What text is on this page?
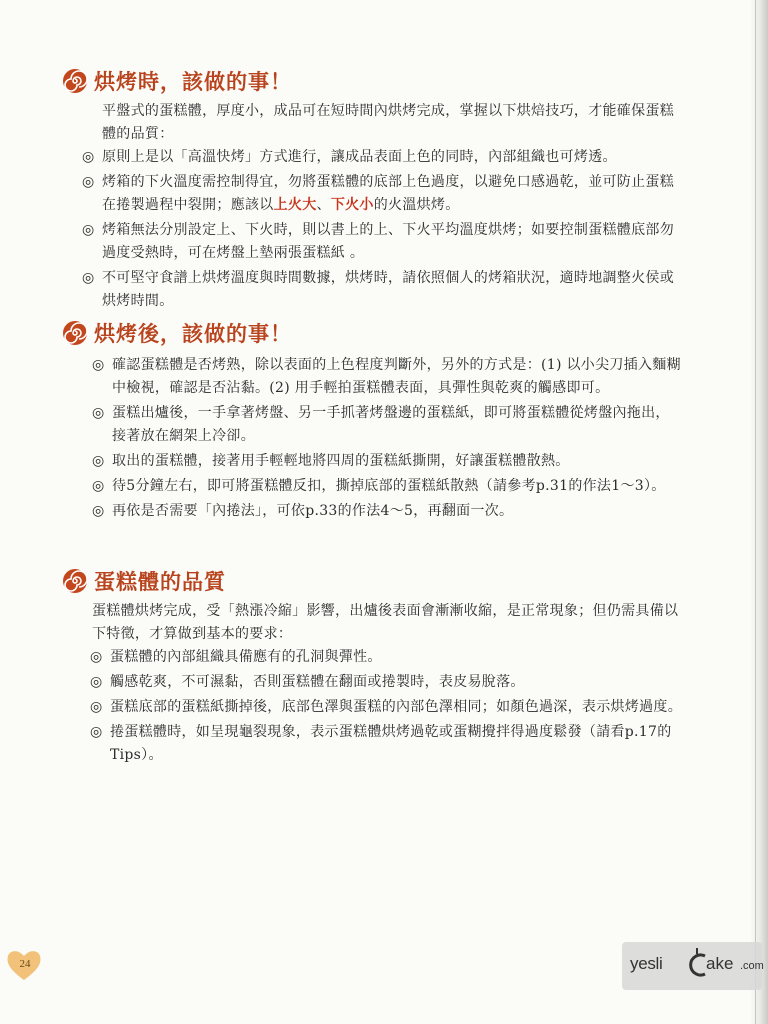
烘烤時，該做的事！
平盤式的蛋糕體，厚度小，成品可在短時間內烘烤完成，掌握以下烘焙技巧，才能確保蛋糕體的品質：
◎ 原則上是以「高溫快烤」方式進行，讓成品表面上色的同時，內部組織也可烤透。
◎ 烤箱的下火溫度需控制得宜，勿將蛋糕體的底部上色過度，以避免口感過乾，並可防止蛋糕在捲製過程中裂開；應該以上火大、下火小的火溫烘烤。
◎ 烤箱無法分別設定上、下火時，則以書上的上、下火平均溫度烘烤；如要控制蛋糕體底部勿過度受熱時，可在烤盤上墊兩張蛋糕紙 。
◎ 不可堅守食譜上烘烤溫度與時間數據，烘烤時，請依照個人的烤箱狀況，適時地調整火侯或烘烤時間。
烘烤後，該做的事！
◎ 確認蛋糕體是否烤熟，除以表面的上色程度判斷外，另外的方式是：(1) 以小尖刀插入麵糊中檢視，確認是否沾黏。(2) 用手輕拍蛋糕體表面，具彈性與乾爽的觸感即可。
◎ 蛋糕出爐後，一手拿著烤盤、另一手抓著烤盤邊的蛋糕紙，即可將蛋糕體從烤盤內拖出，接著放在網架上冷卻。
◎ 取出的蛋糕體，接著用手輕輕地將四周的蛋糕紙撕開，好讓蛋糕體散熱。
◎ 待5分鐘左右，即可將蛋糕體反扣，撕掉底部的蛋糕紙散熱（請參考p.31的作法1～3）。
◎ 再依是否需要「內捲法」，可依p.33的作法4～5，再翻面一次。
蛋糕體的品質
蛋糕體烘烤完成，受「熱漲冷縮」影響，出爐後表面會漸漸收縮，是正常現象；但仍需具備以下特徵，才算做到基本的要求：
◎ 蛋糕體的內部組織具備應有的孔洞與彈性。
◎ 觸感乾爽，不可濕黏，否則蛋糕體在翻面或捲製時，表皮易脫落。
◎ 蛋糕底部的蛋糕紙撕掉後，底部色澤與蛋糕的內部色澤相同；如顏色過深，表示烘烤過度。
◎ 捲蛋糕體時，如呈現龜裂現象，表示蛋糕體烘烤過乾或蛋糊攪拌得過度鬆發（請看p.17的Tips）。
24	yesli	ake .com
